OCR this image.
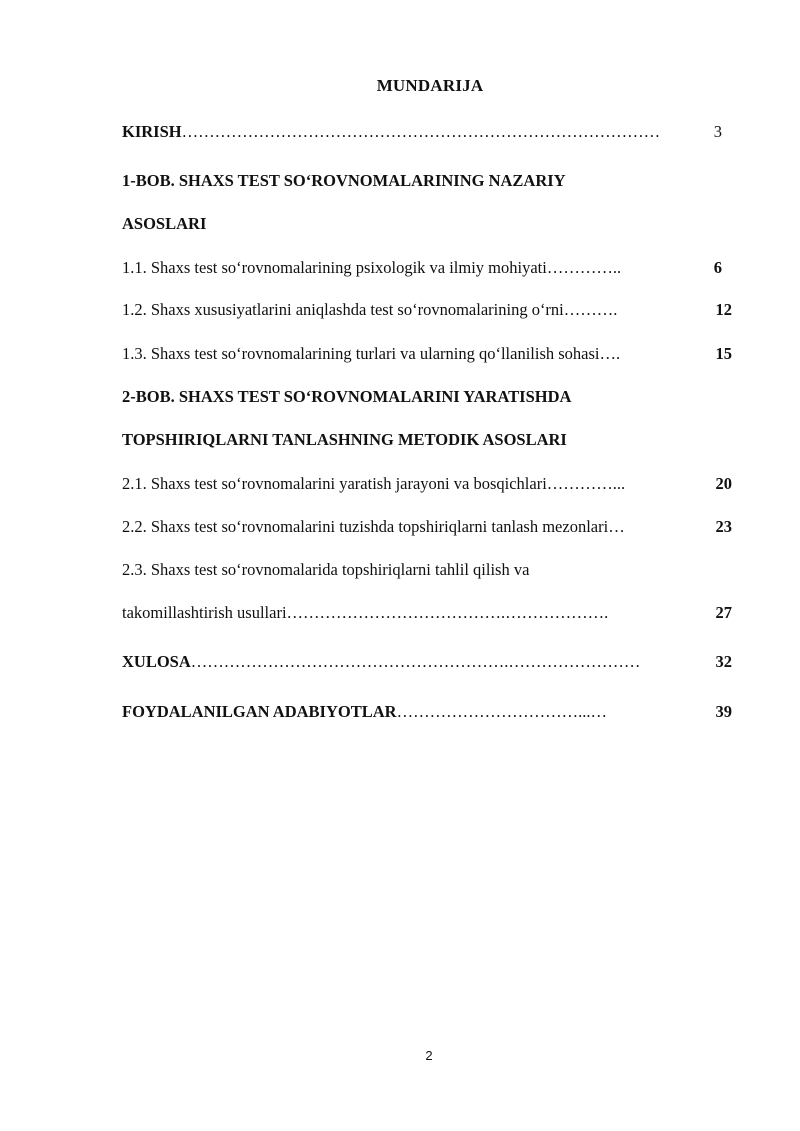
MUNDARIJA
KIRISH……………………………………………………………………………	3
1-BOB. SHAXS TEST SO‘ROVNOMALARINING NAZARIY
ASOSLARI
1.1. Shaxs test so‘rovnomalarining psixologik va ilmiy mohiyati…………..	6
1.2. Shaxs xususiyatlarini aniqlashda test so‘rovnomalarining o‘rni……….	12
1.3. Shaxs test so‘rovnomalarining turlari va ularning qo‘llanilish sohasi….	15
2-BOB. SHAXS TEST SO‘ROVNOMALARINI YARATISHDA
TOPSHIRIQLARNI TANLASHNING METODIK ASOSLARI
2.1. Shaxs test so‘rovnomalarini yaratish jarayoni va bosqichlari…………...	20
2.2. Shaxs test so‘rovnomalarini tuzishda topshiriqlarni tanlash mezonlari…	23
2.3. Shaxs test so‘rovnomalarida topshiriqlarni tahlil qilish va
takomillashtirish usullari………………………………….……………….	27
XULOSA………………………………………………….……………………	32
FOYDALANILGAN ADABIYOTLAR……………………………...…	39
2
